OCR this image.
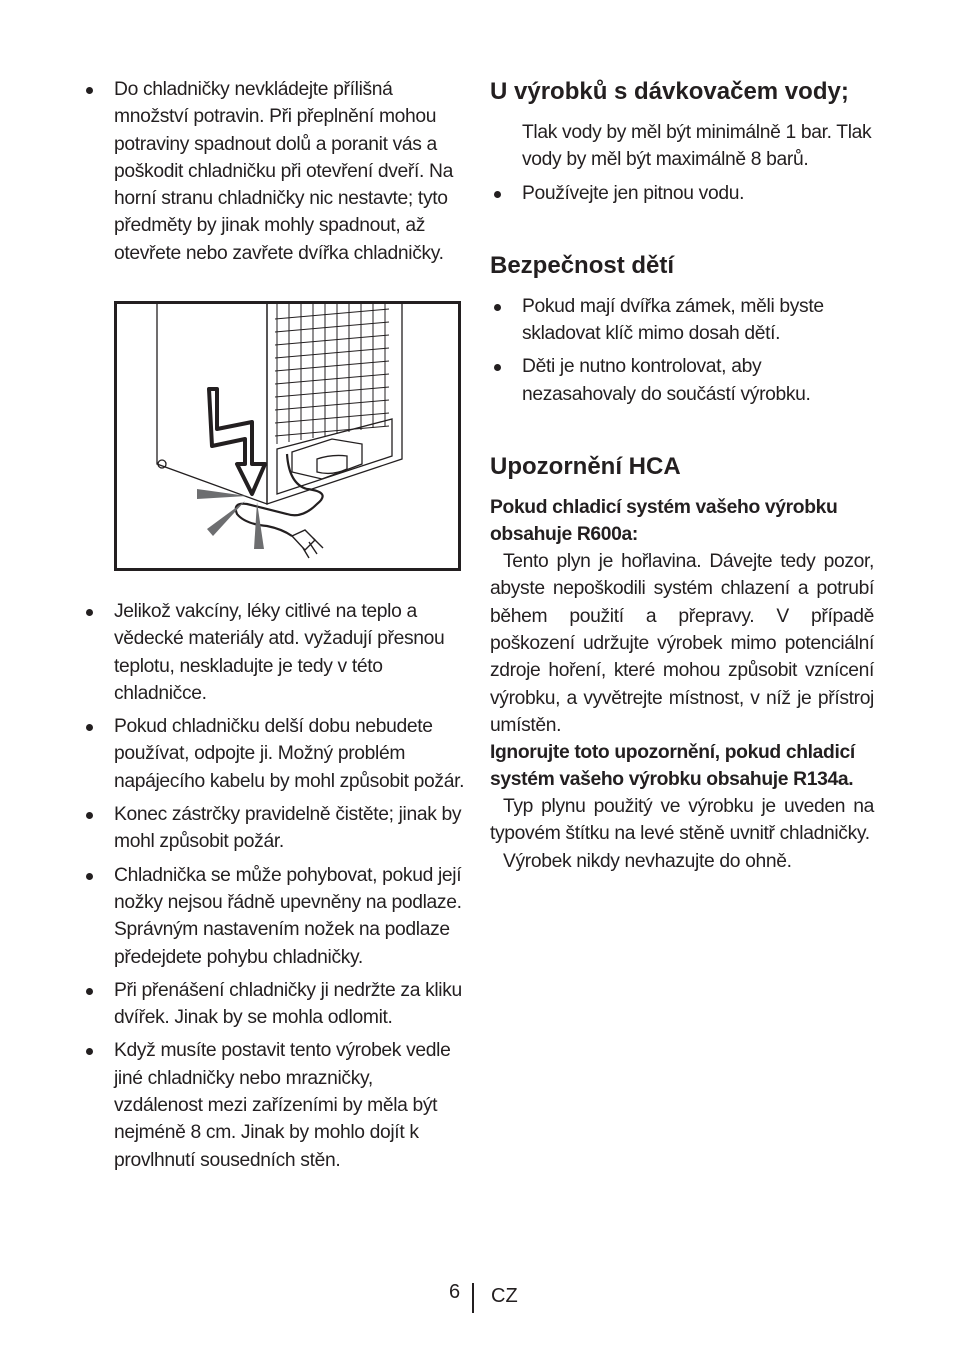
Do chladničky nevkládejte přílišná množství potravin. Při přeplnění mohou potraviny spadnout dolů a poranit vás a poškodit chladničku při otevření dveří. Na horní stranu chladničky nic nestavte; tyto předměty by jinak mohly spadnout, až otevřete nebo zavřete dvířka chladničky.
Jelikož vakcíny, léky citlivé na teplo a vědecké materiály atd. vyžadují přesnou teplotu, neskladujte je tedy v této chladničce.
Pokud chladničku delší dobu nebudete používat, odpojte ji. Možný problém napájecího kabelu by mohl způsobit požár.
Konec zástrčky pravidelně čistěte; jinak by mohl způsobit požár.
Chladnička se může pohybovat, pokud její nožky nejsou řádně upevněny na podlaze. Správným nastavením nožek na podlaze předejdete pohybu chladničky.
Při přenášení chladničky ji nedržte za kliku dvířek. Jinak by se mohla odlomit.
Když musíte postavit tento výrobek vedle jiné chladničky nebo mrazničky, vzdálenost mezi zařízeními by měla být nejméně 8 cm. Jinak by mohlo dojít k provlhnutí sousedních stěn.
U výrobků s dávkovačem vody;

Tlak vody by měl být minimálně 1 bar. Tlak vody by měl být maximálně 8 barů.

Používejte jen pitnou vodu.
Bezpečnost dětí
Pokud mají dvířka zámek, měli byste skladovat klíč mimo dosah dětí.
Děti je nutno kontrolovat, aby nezasahovaly do součástí výrobku.
Upozornění HCA

Pokud chladicí systém vašeho výrobku obsahuje R600a:

Tento plyn je hořlavina. Dávejte tedy pozor, abyste nepoškodili systém chlazení a potrubí během použití a přepravy. V případě poškození udržujte výrobek mimo potenciální zdroje hoření, které mohou způsobit vznícení výrobku, a vyvětrejte místnost, v níž je přístroj umístěn.

Ignorujte toto upozornění, pokud chladicí systém vašeho výrobku obsahuje R134a.

Typ plynu použitý ve výrobku je uveden na typovém štítku na levé stěně uvnitř chladničky.

Výrobek nikdy nevhazujte do ohně.

6 CZ
